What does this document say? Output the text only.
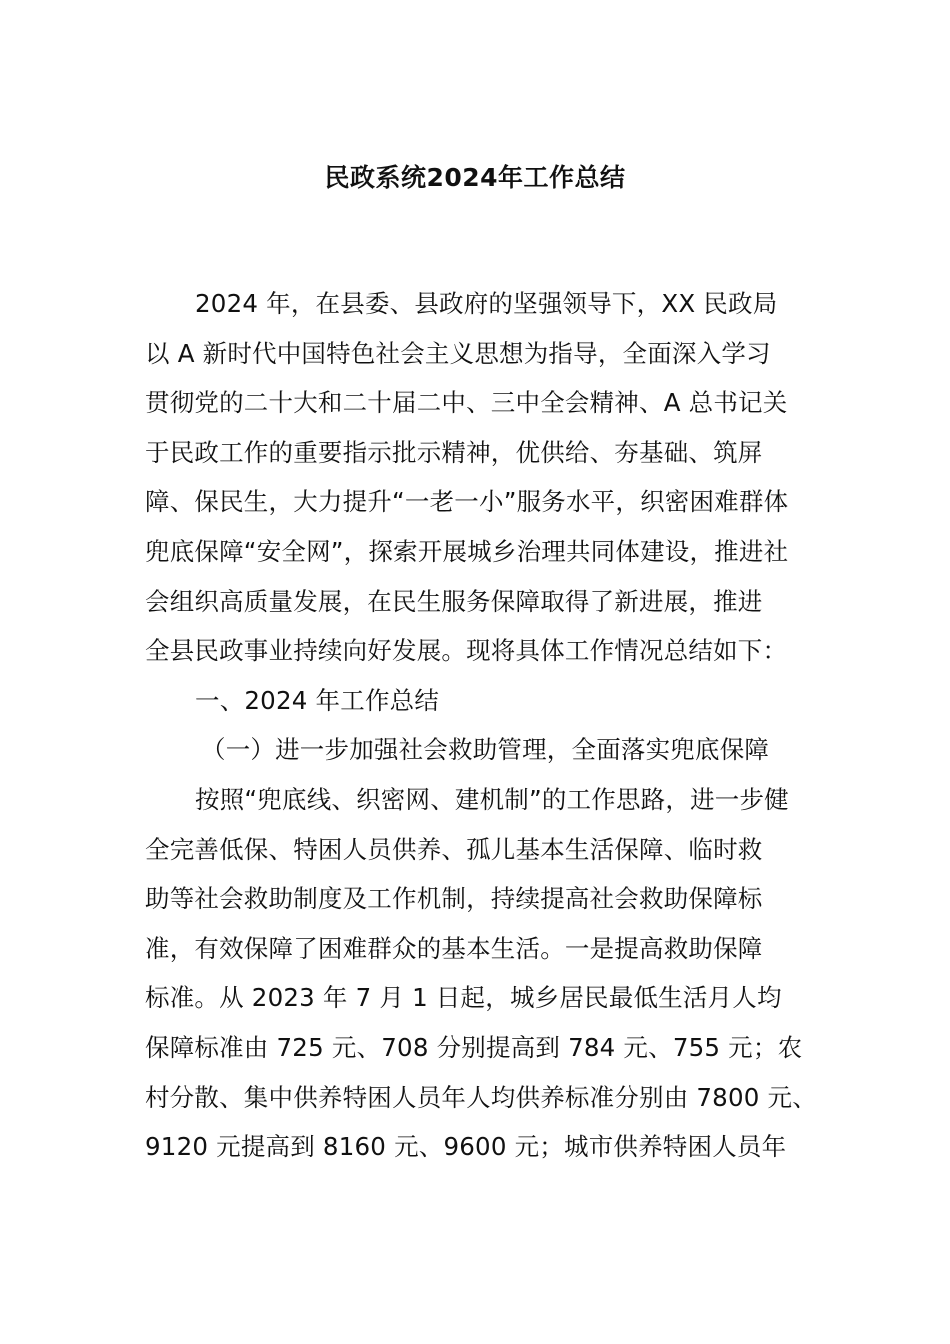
民政系统2024年工作总结
2024 年，在县委、县政府的坚强领导下，XX 民政局
以 A 新时代中国特色社会主义思想为指导，全面深入学习
贯彻党的二十大和二十届二中、三中全会精神、A 总书记关
于民政工作的重要指示批示精神，优供给、夯基础、筑屏
障、保民生，大力提升“一老一小”服务水平，织密困难群体
兜底保障“安全网”，探索开展城乡治理共同体建设，推进社
会组织高质量发展，在民生服务保障取得了新进展，推进
全县民政事业持续向好发展。现将具体工作情况总结如下：
一、2024 年工作总结
（一）进一步加强社会救助管理，全面落实兜底保障
按照“兜底线、织密网、建机制”的工作思路，进一步健
全完善低保、特困人员供养、孤儿基本生活保障、临时救
助等社会救助制度及工作机制，持续提高社会救助保障标
准，有效保障了困难群众的基本生活。一是提高救助保障
标准。从 2023 年 7 月 1 日起，城乡居民最低生活月人均
保障标准由 725 元、708 分别提高到 784 元、755 元；农
村分散、集中供养特困人员年人均供养标准分别由 7800 元、
9120 元提高到 8160 元、9600 元；城市供养特困人员年
